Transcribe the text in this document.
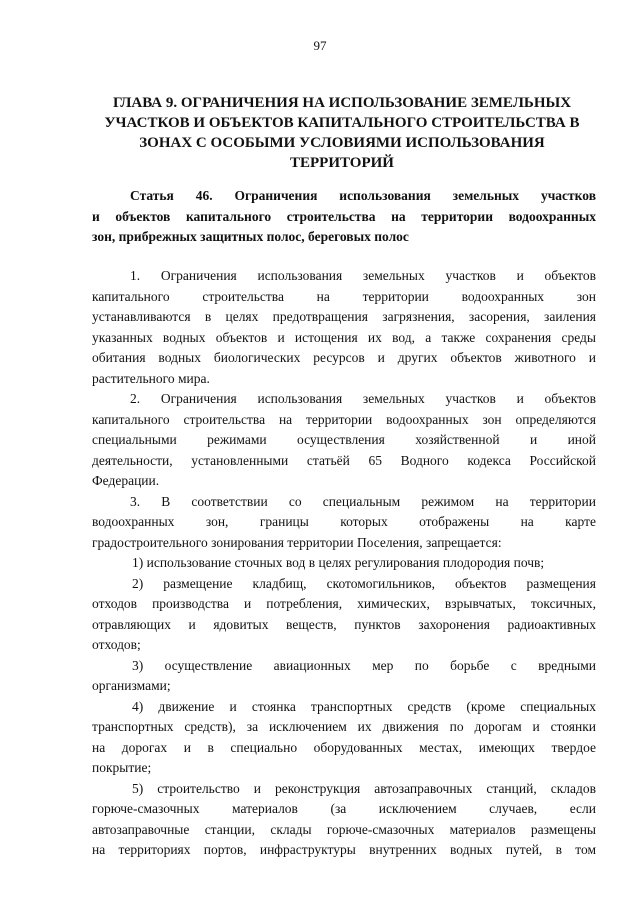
97
ГЛАВА 9. ОГРАНИЧЕНИЯ НА ИСПОЛЬЗОВАНИЕ ЗЕМЕЛЬНЫХ
УЧАСТКОВ И ОБЪЕКТОВ КАПИТАЛЬНОГО СТРОИТЕЛЬСТВА В
ЗОНАХ С ОСОБЫМИ УСЛОВИЯМИ ИСПОЛЬЗОВАНИЯ
ТЕРРИТОРИЙ
Статья 46. Ограничения использования земельных участков
и объектов капитального строительства на территории водоохранных
зон, прибрежных защитных полос, береговых полос
1. Ограничения использования земельных участков и объектов
капитального строительства на территории водоохранных зон
устанавливаются в целях предотвращения загрязнения, засорения, заиления
указанных водных объектов и истощения их вод, а также сохранения среды
обитания водных биологических ресурсов и других объектов животного и
растительного мира.
2. Ограничения использования земельных участков и объектов
капитального строительства на территории водоохранных зон определяются
специальными режимами осуществления хозяйственной и иной
деятельности, установленными статьёй 65 Водного кодекса Российской
Федерации.
3. В соответствии со специальным режимом на территории
водоохранных зон, границы которых отображены на карте
градостроительного зонирования территории Поселения, запрещается:
1) использование сточных вод в целях регулирования плодородия почв;
2) размещение кладбищ, скотомогильников, объектов размещения
отходов производства и потребления, химических, взрывчатых, токсичных,
отравляющих и ядовитых веществ, пунктов захоронения радиоактивных
отходов;
3) осуществление авиационных мер по борьбе с вредными
организмами;
4) движение и стоянка транспортных средств (кроме специальных
транспортных средств), за исключением их движения по дорогам и стоянки
на дорогах и в специально оборудованных местах, имеющих твердое
покрытие;
5) строительство и реконструкция автозаправочных станций, складов
горюче-смазочных материалов (за исключением случаев, если
автозаправочные станции, склады горюче-смазочных материалов размещены
на территориях портов, инфраструктуры внутренних водных путей, в том
